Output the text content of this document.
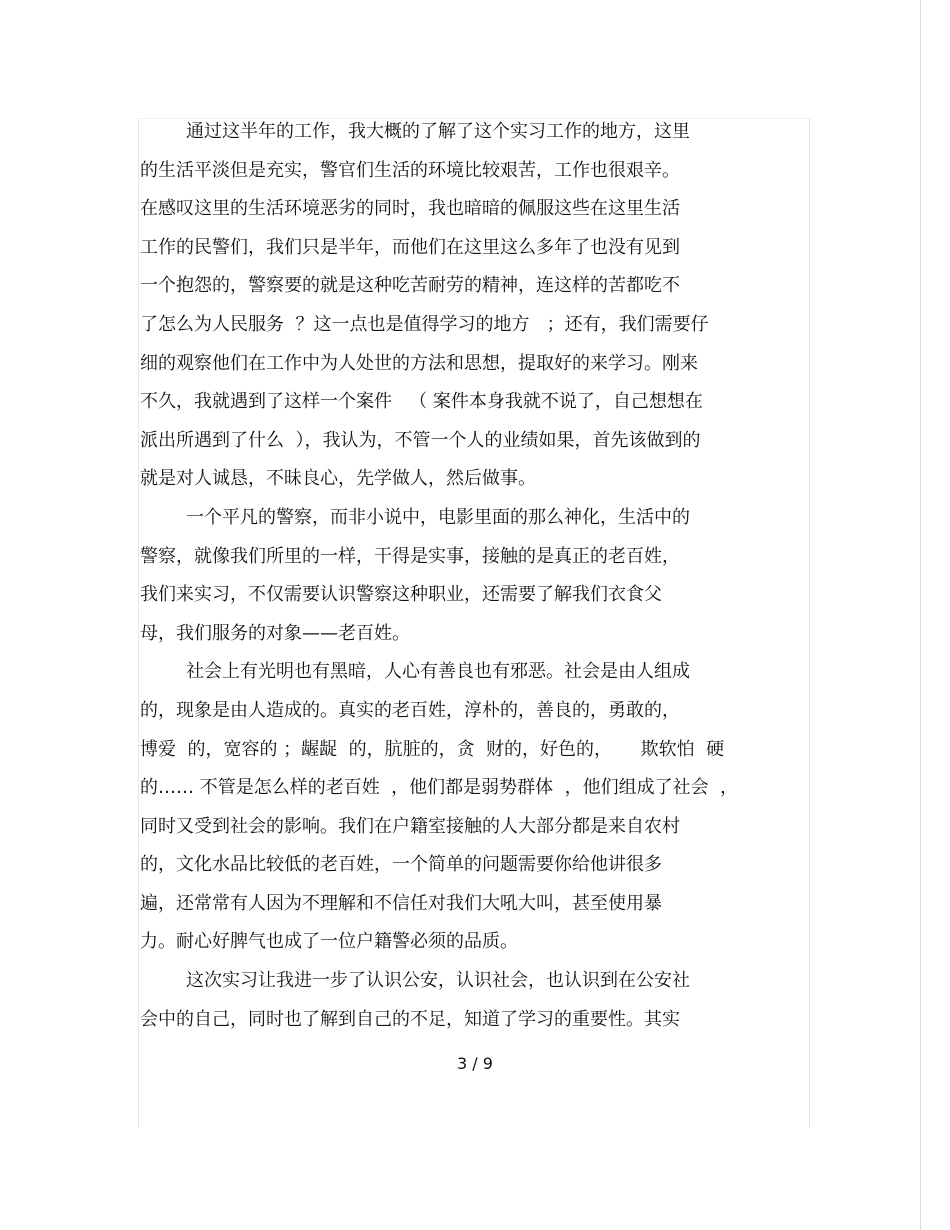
通过这半年的工作，我大概的了解了这个实习工作的地方，这里
的生活平淡但是充实，警官们生活的环境比较艰苦，工作也很艰辛。
在感叹这里的生活环境恶劣的同时，我也暗暗的佩服这些在这里生活
工作的民警们，我们只是半年，而他们在这里这么多年了也没有见到
一个抱怨的，警察要的就是这种吃苦耐劳的精神，连这样的苦都吃不
了怎么为人民服务  ？这一点也是值得学习的地方   ；还有，我们需要仔
细的观察他们在工作中为人处世的方法和思想，提取好的来学习。刚来
不久，我就遇到了这样一个案件   （ 案件本身我就不说了，自己想想在
派出所遇到了什么  ），我认为，不管一个人的业绩如果，首先该做到的
就是对人诚恳，不昧良心，先学做人，然后做事。
一个平凡的警察，而非小说中，电影里面的那么神化，生活中的
警察，就像我们所里的一样，干得是实事，接触的是真正的老百姓，
我们来实习，不仅需要认识警察这种职业，还需要了解我们衣食父
母，我们服务的对象——老百姓。
社会上有光明也有黑暗，人心有善良也有邪恶。社会是由人组成
的，现象是由人造成的。真实的老百姓，淳朴的，善良的，勇敢的，
博爱  的，宽容的 ；龌龊  的，肮脏的，贪  财的，好色的，     欺软怕  硬
的…… 不管是怎么样的老百姓  ，他们都是弱势群体  ，他们组成了社会  ，
同时又受到社会的影响。我们在户籍室接触的人大部分都是来自农村
的，文化水品比较低的老百姓，一个简单的问题需要你给他讲很多
遍，还常常有人因为不理解和不信任对我们大吼大叫，甚至使用暴
力。耐心好脾气也成了一位户籍警必须的品质。
这次实习让我进一步了认识公安，认识社会，也认识到在公安社
会中的自己，同时也了解到自己的不足，知道了学习的重要性。其实
3 / 9
